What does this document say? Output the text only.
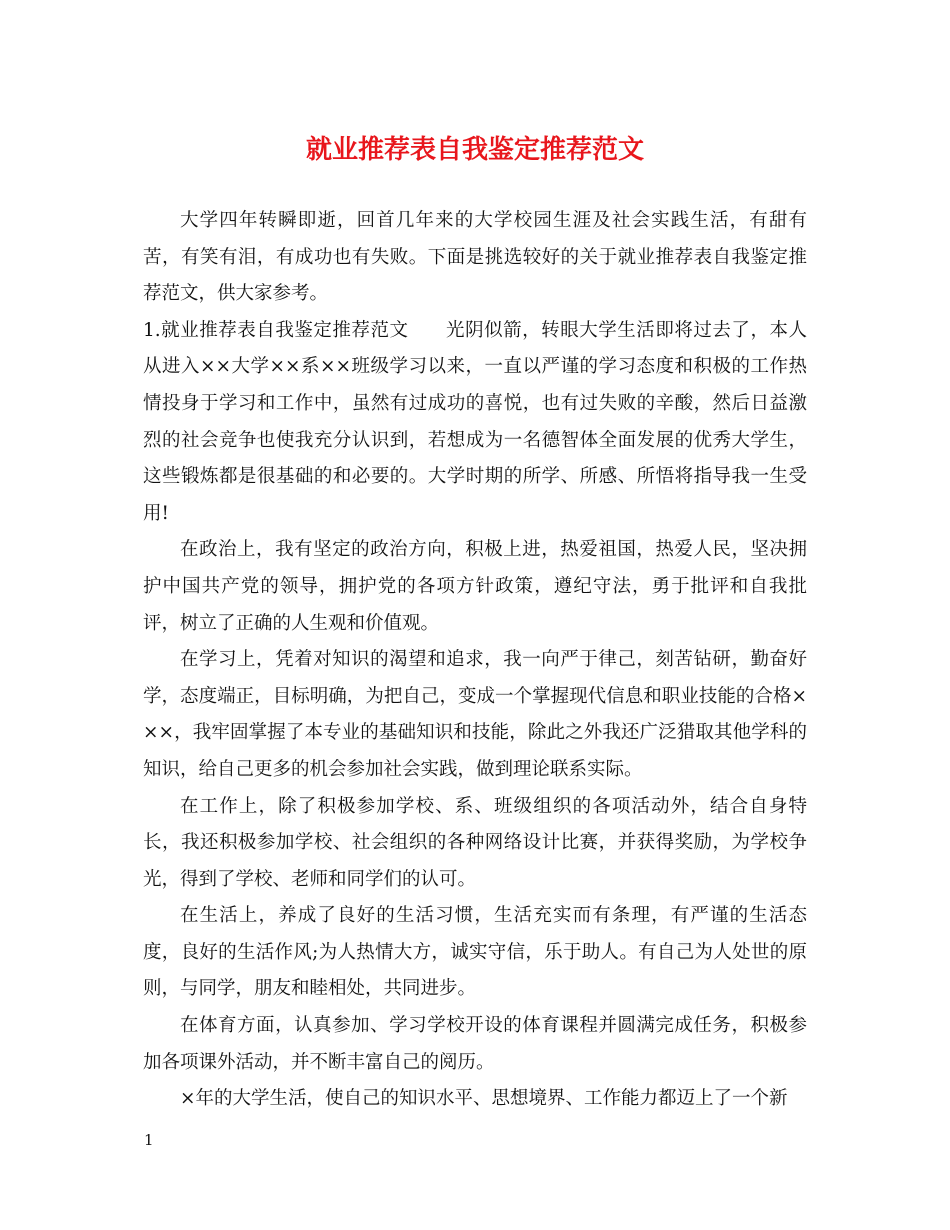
就业推荐表自我鉴定推荐范文

大学四年转瞬即逝，回首几年来的大学校园生涯及社会实践生活，有甜有苦，有笑有泪，有成功也有失败。下面是挑选较好的关于就业推荐表自我鉴定推荐范文，供大家参考。

1.就业推荐表自我鉴定推荐范文 光阴似箭，转眼大学生活即将过去了，本人从进入××大学××系××班级学习以来，一直以严谨的学习态度和积极的工作热情投身于学习和工作中，虽然有过成功的喜悦，也有过失败的辛酸，然后日益激烈的社会竞争也使我充分认识到，若想成为一名德智体全面发展的优秀大学生，这些锻炼都是很基础的和必要的。大学时期的所学、所感、所悟将指导我一生受用!

在政治上，我有坚定的政治方向，积极上进，热爱祖国，热爱人民，坚决拥护中国共产党的领导，拥护党的各项方针政策，遵纪守法，勇于批评和自我批评，树立了正确的人生观和价值观。

在学习上，凭着对知识的渴望和追求，我一向严于律己，刻苦钻研，勤奋好学，态度端正，目标明确，为把自己，变成一个掌握现代信息和职业技能的合格×××，我牢固掌握了本专业的基础知识和技能，除此之外我还广泛猎取其他学科的知识，给自己更多的机会参加社会实践，做到理论联系实际。

在工作上，除了积极参加学校、系、班级组织的各项活动外，结合自身特长，我还积极参加学校、社会组织的各种网络设计比赛，并获得奖励，为学校争光，得到了学校、老师和同学们的认可。

在生活上，养成了良好的生活习惯，生活充实而有条理，有严谨的生活态度，良好的生活作风;为人热情大方，诚实守信，乐于助人。有自己为人处世的原则，与同学，朋友和睦相处，共同进步。

在体育方面，认真参加、学习学校开设的体育课程并圆满完成任务，积极参加各项课外活动，并不断丰富自己的阅历。

×年的大学生活，使自己的知识水平、思想境界、工作能力都迈上了一个新

1
